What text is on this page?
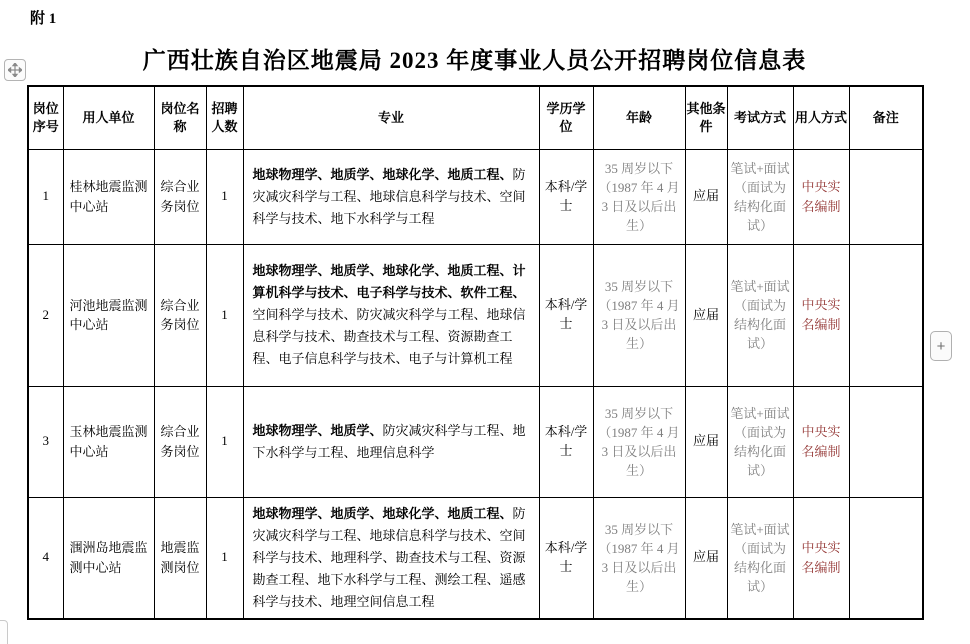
附 1
广西壮族自治区地震局 2023 年度事业人员公开招聘岗位信息表
岗位序号	用人单位	岗位名称	招聘人数	专业	学历学位	年龄	其他条件	考试方式	用人方式	备注
1	桂林地震监测中心站	综合业务岗位	1	地球物理学、地质学、地球化学、地质工程、防灾减灾科学与工程、地球信息科学与技术、空间科学与技术、地下水科学与工程	本科/学士	35 周岁以下（1987 年 4 月 3 日及以后出生）	应届	笔试+面试（面试为结构化面试）	中央实名编制	
2	河池地震监测中心站	综合业务岗位	1	地球物理学、地质学、地球化学、地质工程、计算机科学与技术、电子科学与技术、软件工程、空间科学与技术、防灾减灾科学与工程、地球信息科学与技术、勘查技术与工程、资源勘查工程、电子信息科学与技术、电子与计算机工程	本科/学士	35 周岁以下（1987 年 4 月 3 日及以后出生）	应届	笔试+面试（面试为结构化面试）	中央实名编制	
3	玉林地震监测中心站	综合业务岗位	1	地球物理学、地质学、防灾减灾科学与工程、地下水科学与工程、地理信息科学	本科/学士	35 周岁以下（1987 年 4 月 3 日及以后出生）	应届	笔试+面试（面试为结构化面试）	中央实名编制	
4	涠洲岛地震监测中心站	地震监测岗位	1	地球物理学、地质学、地球化学、地质工程、防灾减灾科学与工程、地球信息科学与技术、空间科学与技术、地理科学、勘查技术与工程、资源勘查工程、地下水科学与工程、测绘工程、遥感科学与技术、地理空间信息工程	本科/学士	35 周岁以下（1987 年 4 月 3 日及以后出生）	应届	笔试+面试（面试为结构化面试）	中央实名编制	
+
